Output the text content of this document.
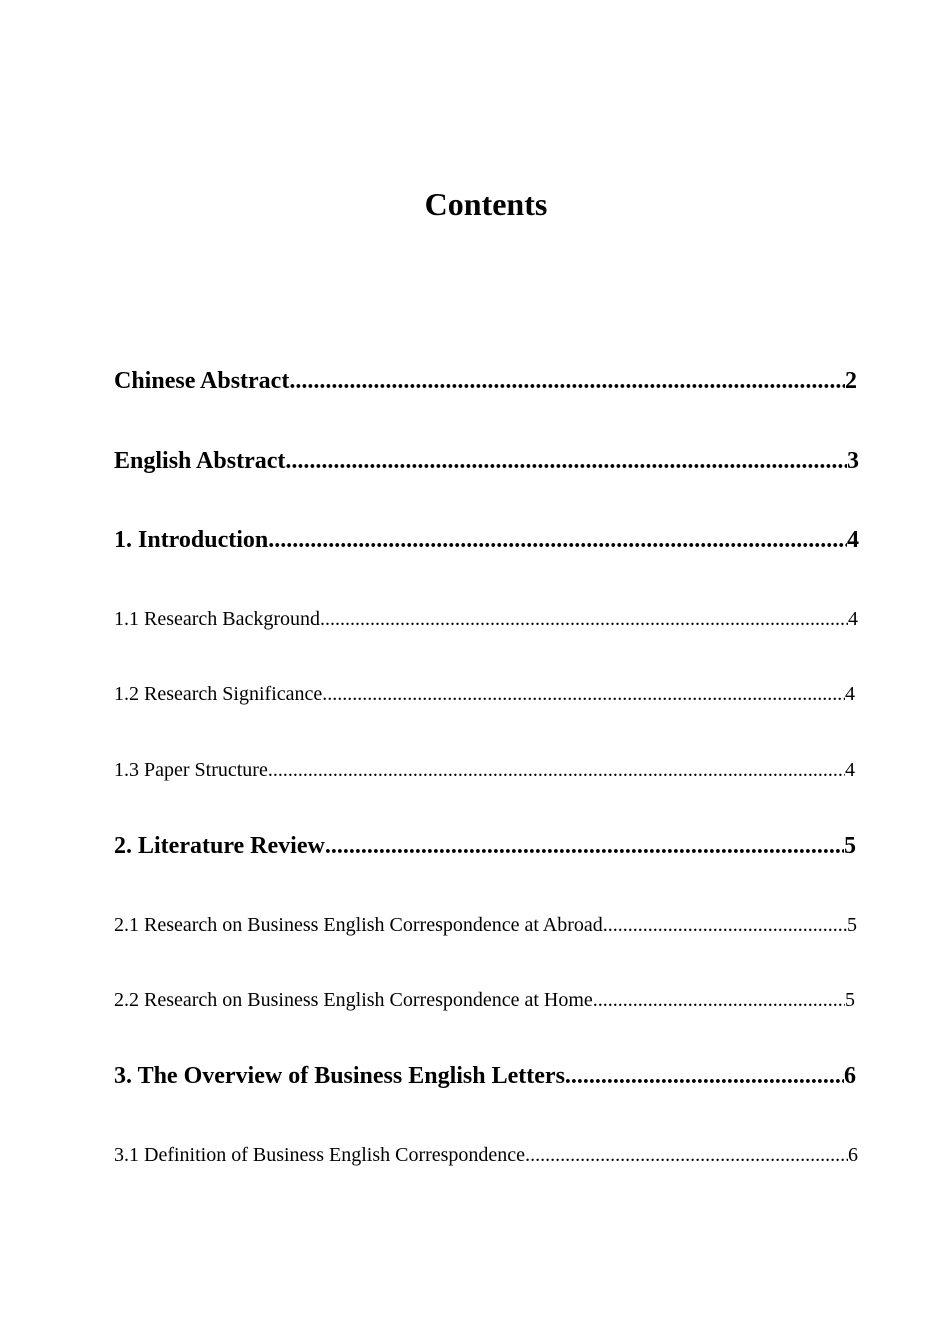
Contents
Chinese Abstract .....	2
English Abstract .....	3
1. Introduction .....	4
1.1 Research Background .....	4
1.2 Research Significance .....	4
1.3 Paper Structure .....	4
2. Literature Review .....	5
2.1 Research on Business English Correspondence at Abroad .....	5
2.2 Research on Business English Correspondence at Home .....	5
3. The Overview of Business English Letters .....	6
3.1 Definition of Business English Correspondence .....	6
